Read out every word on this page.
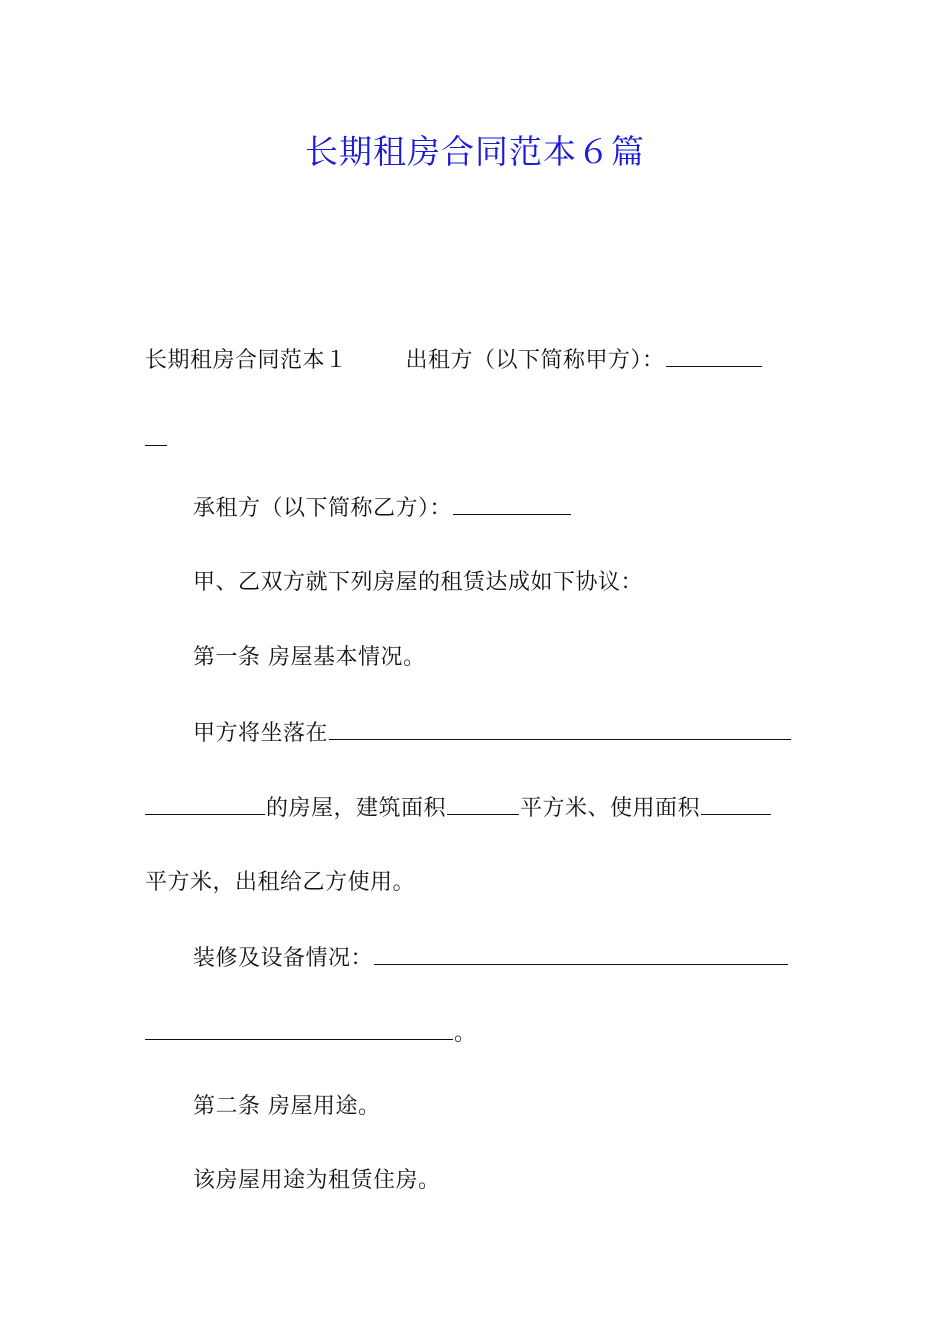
长期租房合同范本６篇
长期租房合同范本１	出租方（以下简称甲方）：
承租方（以下简称乙方）：
甲、乙双方就下列房屋的租赁达成如下协议：
第一条 房屋基本情况。
甲方将坐落在
的房屋，建筑面积	平方米、使用面积
平方米，出租给乙方使用。
装修及设备情况：
。
第二条 房屋用途。
该房屋用途为租赁住房。
